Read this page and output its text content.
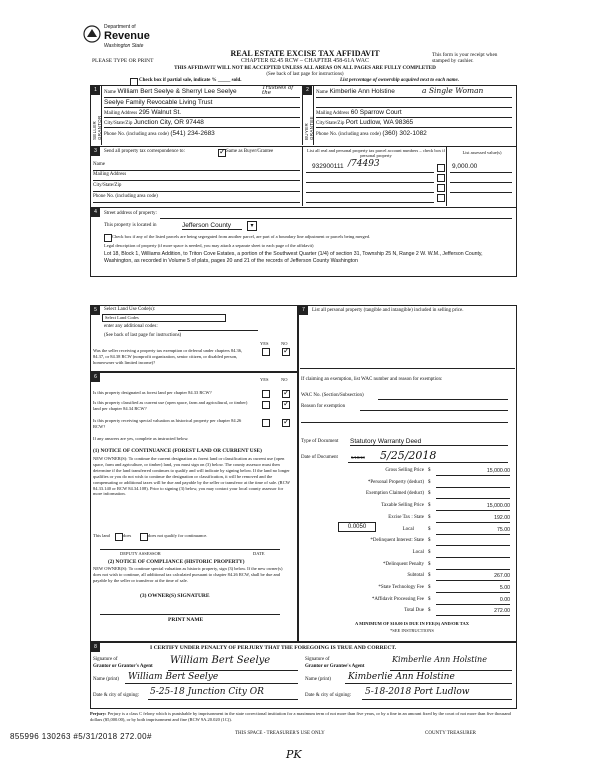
Department of
Revenue
Washington State
REAL ESTATE EXCISE TAX AFFIDAVIT
CHAPTER 82.45 RCW – CHAPTER 458-61A WAC
THIS AFFIDAVIT WILL NOT BE ACCEPTED UNLESS ALL AREAS ON ALL PAGES ARE FULLY COMPLETED
PLEASE TYPE OR PRINT
This form is your receipt when stamped by cashier.
(See back of last page for instructions)
Check box if partial sale, indicate % _____ sold.	List percentage of ownership acquired next to each name.
1	2
SELLER GRANTOR	BUYER GRANTEE
Name William Bert Seelye & Sherryl Lee Seelye	Trustees of the
Seelye Family Revocable Living Trust
Mailing Address 295 Walnut St.
City/State/Zip Junction City, OR 97448
Phone No. (including area code) (541) 234-2683
Name Kimberlie Ann Holstine	a Single Woman
Mailing Address 60 Sparrow Court
City/State/Zip Port Ludlow, WA 98365
Phone No. (including area code) (360) 302-1082
3	Send all property tax correspondence to: ✓	Same as Buyer/Grantee
Name
Mailing Address
City/State/Zip
Phone No. (including area code)
List all real and personal property tax parcel account numbers – check box if personal property
List assessed value(s)
932900111 /74493	9,000.00
4	Street address of property:
This property is located in	Jefferson County	▾
Check box if any of the listed parcels are being segregated from another parcel, are part of a boundary line adjustment or parcels being merged.
Legal description of property (if more space is needed, you may attach a separate sheet to each page of the affidavit)
Lot 18, Block 1, Williams Addition, to Triton Cove Estates, a portion of the Southwest Quarter (1/4) of section 31, Township 25 N, Range 2 W. W.M., Jefferson County, Washington, as recorded in Volume 5 of plats, pages 20 and 21 of the records of Jefferson County Washington
5	Select Land Use Code(s):
Select Land Codes
enter any additional codes:
(See back of last page for instructions)
YES	NO
Was the seller receiving a property tax exemption or deferral under chapters 84.36, 84.37, or 84.38 RCW (nonprofit organization, senior citizen, or disabled person, homeowner with limited income)?
✓
6	YES	NO
Is this property designated as forest land per chapter 84.33 RCW?
✓
Is this property classified as current use (open space, farm and agricultural, or timber) land per chapter 84.34 RCW?
✓
Is this property receiving special valuation as historical property per chapter 84.26 RCW?
✓
If any answers are yes, complete as instructed below.
(1) NOTICE OF CONTINUANCE (FOREST LAND OR CURRENT USE)
NEW OWNER(S): To continue the current designation as forest land or classification as current use (open space, farm and agriculture, or timber) land, you must sign on (3) below. The county assessor must then determine if the land transferred continues to qualify and will indicate by signing below. If the land no longer qualifies or you do not wish to continue the designation or classification, it will be removed and the compensating or additional taxes will be due and payable by the seller or transferor at the time of sale. (RCW 84.33.140 or RCW 84.34.108). Prior to signing (3) below, you may contact your local county assessor for more information.
This land	does	does not qualify for continuance.
DEPUTY ASSESSOR	DATE
(2) NOTICE OF COMPLIANCE (HISTORIC PROPERTY)
NEW OWNER(S): To continue special valuation as historic property, sign (3) below. If the new owner(s) does not wish to continue, all additional tax calculated pursuant to chapter 84.26 RCW, shall be due and payable by the seller or transferor at the time of sale.
(3) OWNER(S) SIGNATURE
PRINT NAME
7	List all personal property (tangible and intangible) included in selling price.
If claiming an exemption, list WAC number and reason for exemption:
WAC No. (Section/Subsection)
Reason for exemption
Type of Document Statutory Warranty Deed
Date of Document	5/18/18 5/25/2018
Gross Selling Price $	15,000.00
*Personal Property (deduct) $
Exemption Claimed (deduct) $
Taxable Selling Price $	15,000.00
Excise Tax : State $	192.00
Local	$	75.00
*Delinquent Interest: State $
Local $
*Delinquent Penalty $
Subtotal $	267.00
*State Technology Fee $	5.00
*Affidavit Processing Fee $	0.00
Total Due $	272.00
0.0050
A MINIMUM OF $10.00 IS DUE IN FEE(S) AND/OR TAX
*SEE INSTRUCTIONS
8	I CERTIFY UNDER PENALTY OF PERJURY THAT THE FOREGOING IS TRUE AND CORRECT.
Signature of
Grantor or Grantor's Agent
William Bert Seelye
Name (print) William Bert Seelye
Date & city of signing: 5-25-18 Junction City OR
Signature of
Grantor or Grantee's Agent
Kimberlie Ann Holstine
Name (print) Kimberlie Ann Holstine
Date & city of signing: 5-18-2018 Port Ludlow
Perjury: Perjury is a class C felony which is punishable by imprisonment in the state correctional institution for a maximum term of not more than five years, or by a fine in an amount fixed by the court of not more than five thousand dollars ($5,000.00), or by both imprisonment and fine (RCW 9A.20.020 (1C)).
855996 130263 #5/31/2018 272.00#	THIS SPACE - TREASURER'S USE ONLY	COUNTY TREASURER
PK
